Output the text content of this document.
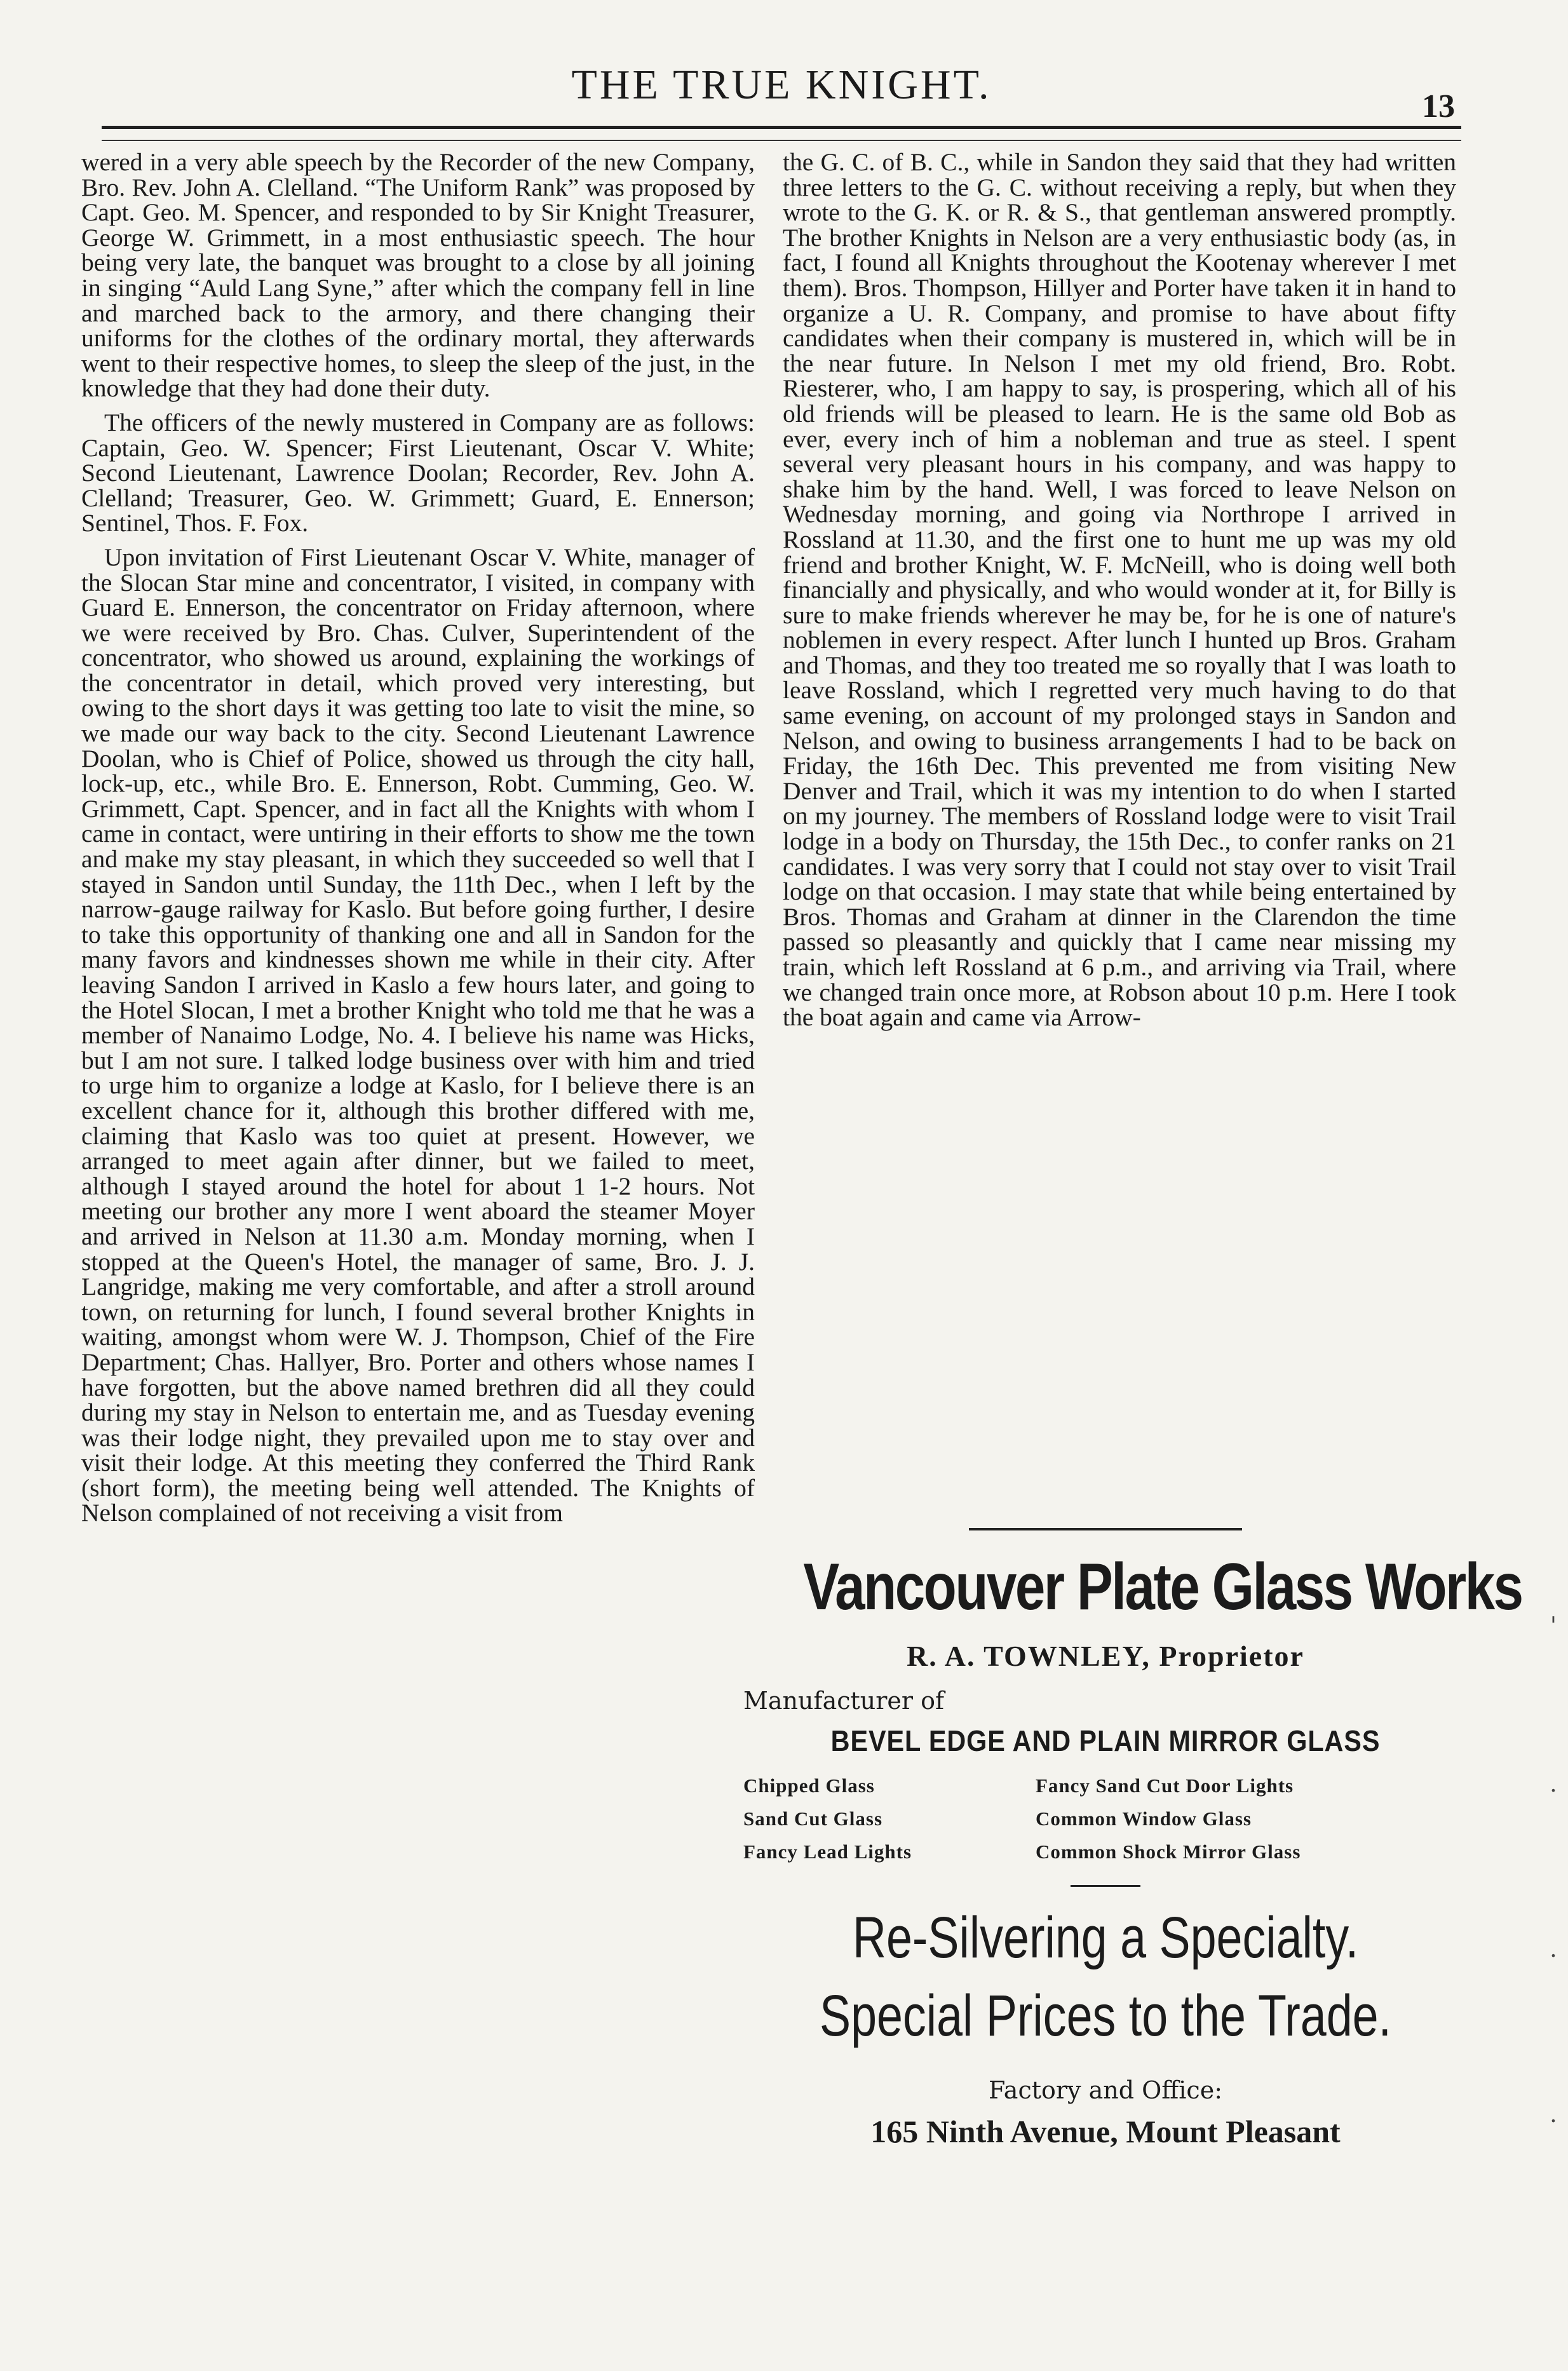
THE TRUE KNIGHT.	13

wered in a very able speech by the Recorder of the new Company, Bro. Rev. John A. Clelland. “The Uniform Rank” was proposed by Capt. Geo. M. Spencer, and responded to by Sir Knight Treasurer, George W. Grimmett, in a most enthusiastic speech. The hour being very late, the banquet was brought to a close by all joining in singing “Auld Lang Syne,” after which the company fell in line and marched back to the armory, and there changing their uniforms for the clothes of the ordinary mortal, they afterwards went to their respective homes, to sleep the sleep of the just, in the knowledge that they had done their duty.

The officers of the newly mustered in Company are as follows: Captain, Geo. W. Spencer; First Lieutenant, Oscar V. White; Second Lieutenant, Lawrence Doolan; Recorder, Rev. John A. Clelland; Treasurer, Geo. W. Grimmett; Guard, E. Ennerson; Sentinel, Thos. F. Fox.

Upon invitation of First Lieutenant Oscar V. White, manager of the Slocan Star mine and concentrator, I visited, in company with Guard E. Ennerson, the concentrator on Friday afternoon, where we were received by Bro. Chas. Culver, Superintendent of the concentrator, who showed us around, explaining the workings of the concentrator in detail, which proved very interesting, but owing to the short days it was getting too late to visit the mine, so we made our way back to the city. Second Lieutenant Lawrence Doolan, who is Chief of Police, showed us through the city hall, lock-up, etc., while Bro. E. Ennerson, Robt. Cumming, Geo. W. Grimmett, Capt. Spencer, and in fact all the Knights with whom I came in contact, were untiring in their efforts to show me the town and make my stay pleasant, in which they succeeded so well that I stayed in Sandon until Sunday, the 11th Dec., when I left by the narrow-gauge railway for Kaslo. But before going further, I desire to take this opportunity of thanking one and all in Sandon for the many favors and kindnesses shown me while in their city. After leaving Sandon I arrived in Kaslo a few hours later, and going to the Hotel Slocan, I met a brother Knight who told me that he was a member of Nanaimo Lodge, No. 4. I believe his name was Hicks, but I am not sure. I talked lodge business over with him and tried to urge him to organize a lodge at Kaslo, for I believe there is an excellent chance for it, although this brother differed with me, claiming that Kaslo was too quiet at present. However, we arranged to meet again after dinner, but we failed to meet, although I stayed around the hotel for about 1 1-2 hours. Not meeting our brother any more I went aboard the steamer Moyer and arrived in Nelson at 11.30 a.m. Monday morning, when I stopped at the Queen's Hotel, the manager of same, Bro. J. J. Langridge, making me very comfortable, and after a stroll around town, on returning for lunch, I found several brother Knights in waiting, amongst whom were W. J. Thompson, Chief of the Fire Department; Chas. Hallyer, Bro. Porter and others whose names I have forgotten, but the above named brethren did all they could during my stay in Nelson to entertain me, and as Tuesday evening was their lodge night, they prevailed upon me to stay over and visit their lodge. At this meeting they conferred the Third Rank (short form), the meeting being well attended. The Knights of Nelson complained of not receiving a visit from

the G. C. of B. C., while in Sandon they said that they had written three letters to the G. C. without receiving a reply, but when they wrote to the G. K. or R. & S., that gentleman answered promptly. The brother Knights in Nelson are a very enthusiastic body (as, in fact, I found all Knights throughout the Kootenay wherever I met them). Bros. Thompson, Hillyer and Porter have taken it in hand to organize a U. R. Company, and promise to have about fifty candidates when their company is mustered in, which will be in the near future. In Nelson I met my old friend, Bro. Robt. Riesterer, who, I am happy to say, is prospering, which all of his old friends will be pleased to learn. He is the same old Bob as ever, every inch of him a nobleman and true as steel. I spent several very pleasant hours in his company, and was happy to shake him by the hand. Well, I was forced to leave Nelson on Wednesday morning, and going via Northrope I arrived in Rossland at 11.30, and the first one to hunt me up was my old friend and brother Knight, W. F. McNeill, who is doing well both financially and physically, and who would wonder at it, for Billy is sure to make friends wherever he may be, for he is one of nature's noblemen in every respect. After lunch I hunted up Bros. Graham and Thomas, and they too treated me so royally that I was loath to leave Rossland, which I regretted very much having to do that same evening, on account of my prolonged stays in Sandon and Nelson, and owing to business arrangements I had to be back on Friday, the 16th Dec. This prevented me from visiting New Denver and Trail, which it was my intention to do when I started on my journey. The members of Rossland lodge were to visit Trail lodge in a body on Thursday, the 15th Dec., to confer ranks on 21 candidates. I was very sorry that I could not stay over to visit Trail lodge on that occasion. I may state that while being entertained by Bros. Thomas and Graham at dinner in the Clarendon the time passed so pleasantly and quickly that I came near missing my train, which left Rossland at 6 p.m., and arriving via Trail, where we changed train once more, at Robson about 10 p.m. Here I took the boat again and came via Arrow-

Vancouver Plate Glass Works
R. A. TOWNLEY, Proprietor
Manufacturer of
BEVEL EDGE AND PLAIN MIRROR GLASS
Chipped Glass	Fancy Sand Cut Door Lights
Sand Cut Glass	Common Window Glass
Fancy Lead Lights	Common Shock Mirror Glass
Re-Silvering a Specialty.
Special Prices to the Trade.
Factory and Office:
165 Ninth Avenue, Mount Pleasant
'
·
·
·
